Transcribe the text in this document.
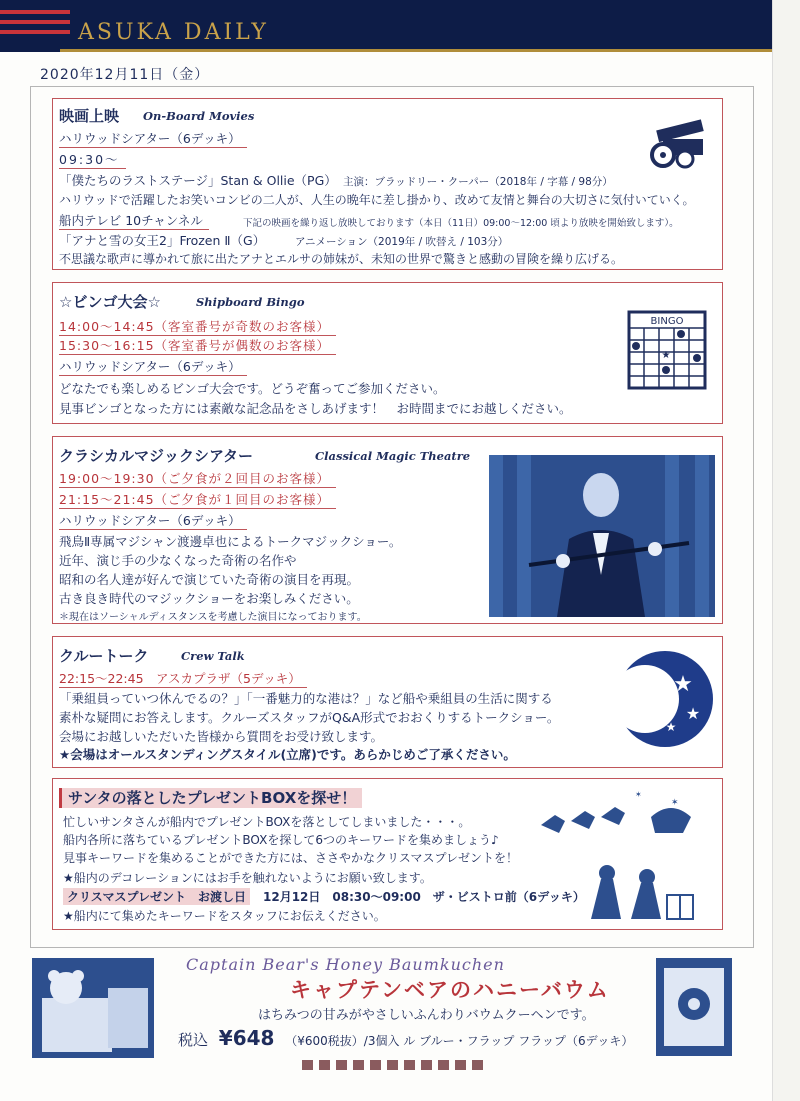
ASUKA DAILY
2020年12月11日（金）
映画上映 On-Board Movies
ハリウッドシアター（6デッキ）
09:30～
「僕たちのラストステージ」Stan & Ollie（PG） 主演：ブラッドリー・クーパー（2018年 / 字幕 / 98分）
ハリウッドで活躍したお笑いコンビの二人が、人生の晩年に差し掛かり、改めて友情と舞台の大切さに気付いていく。
船内テレビ 10チャンネル	下記の映画を繰り返し放映しております（本日（11日）09:00～12:00 頃より放映を開始致します）。
「アナと雪の女王2」Frozen Ⅱ（G）	アニメーション（2019年 / 吹替え / 103分）
不思議な歌声に導かれて旅に出たアナとエルサの姉妹が、未知の世界で驚きと感動の冒険を繰り広げる。
☆ビンゴ大会☆	Shipboard Bingo
14:00～14:45（客室番号が奇数のお客様）
15:30～16:15（客室番号が偶数のお客様）
ハリウッドシアター（6デッキ）
どなたでも楽しめるビンゴ大会です。どうぞ奮ってご参加ください。
見事ビンゴとなった方には素敵な記念品をさしあげます！　お時間までにお越しください。
BINGO
★
クラシカルマジックシアター	Classical Magic Theatre
19:00～19:30（ご夕食が２回目のお客様）
21:15～21:45（ご夕食が１回目のお客様）
ハリウッドシアター（6デッキ）
飛鳥Ⅱ専属マジシャン渡邊卓也によるトークマジックショー。
近年、演じ手の少なくなった奇術の名作や
昭和の名人達が好んで演じていた奇術の演目を再現。
古き良き時代のマジックショーをお楽しみください。
＊現在はソーシャルディスタンスを考慮した演目になっております。
クルートーク	Crew Talk
22:15～22:45　アスカプラザ（5デッキ）
「乗組員っていつ休んでるの？」「一番魅力的な港は？」など船や乗組員の生活に関する
素朴な疑問にお答えします。クルーズスタッフがQ&A形式でおおくりするトークショー。
会場にお越しいただいた皆様から質問をお受け致します。
★会場はオールスタンディングスタイル(立席)です。あらかじめご了承ください。
★
★
★
サンタの落としたプレゼントBOXを探せ！
忙しいサンタさんが船内でプレゼントBOXを落としてしまいました・・・。
船内各所に落ちているプレゼントBOXを探して6つのキーワードを集めましょう♪
見事キーワードを集めることができた方には、ささやかなクリスマスプレゼントを！
★船内のデコレーションにはお手を触れないようにお願い致します。
クリスマスプレゼント　お渡し日	12月12日　08:30～09:00　ザ・ビストロ前（6デッキ）
★船内にて集めたキーワードをスタッフにお伝えください。
✶
✶
Captain Bear's Honey Baumkuchen
キャプテンベアのハニーバウム
はちみつの甘みがやさしいふんわりバウムクーヘンです。
税込 ¥648 （¥600税抜）/3個入 ル ブルー・フラップ フラップ（6デッキ）
